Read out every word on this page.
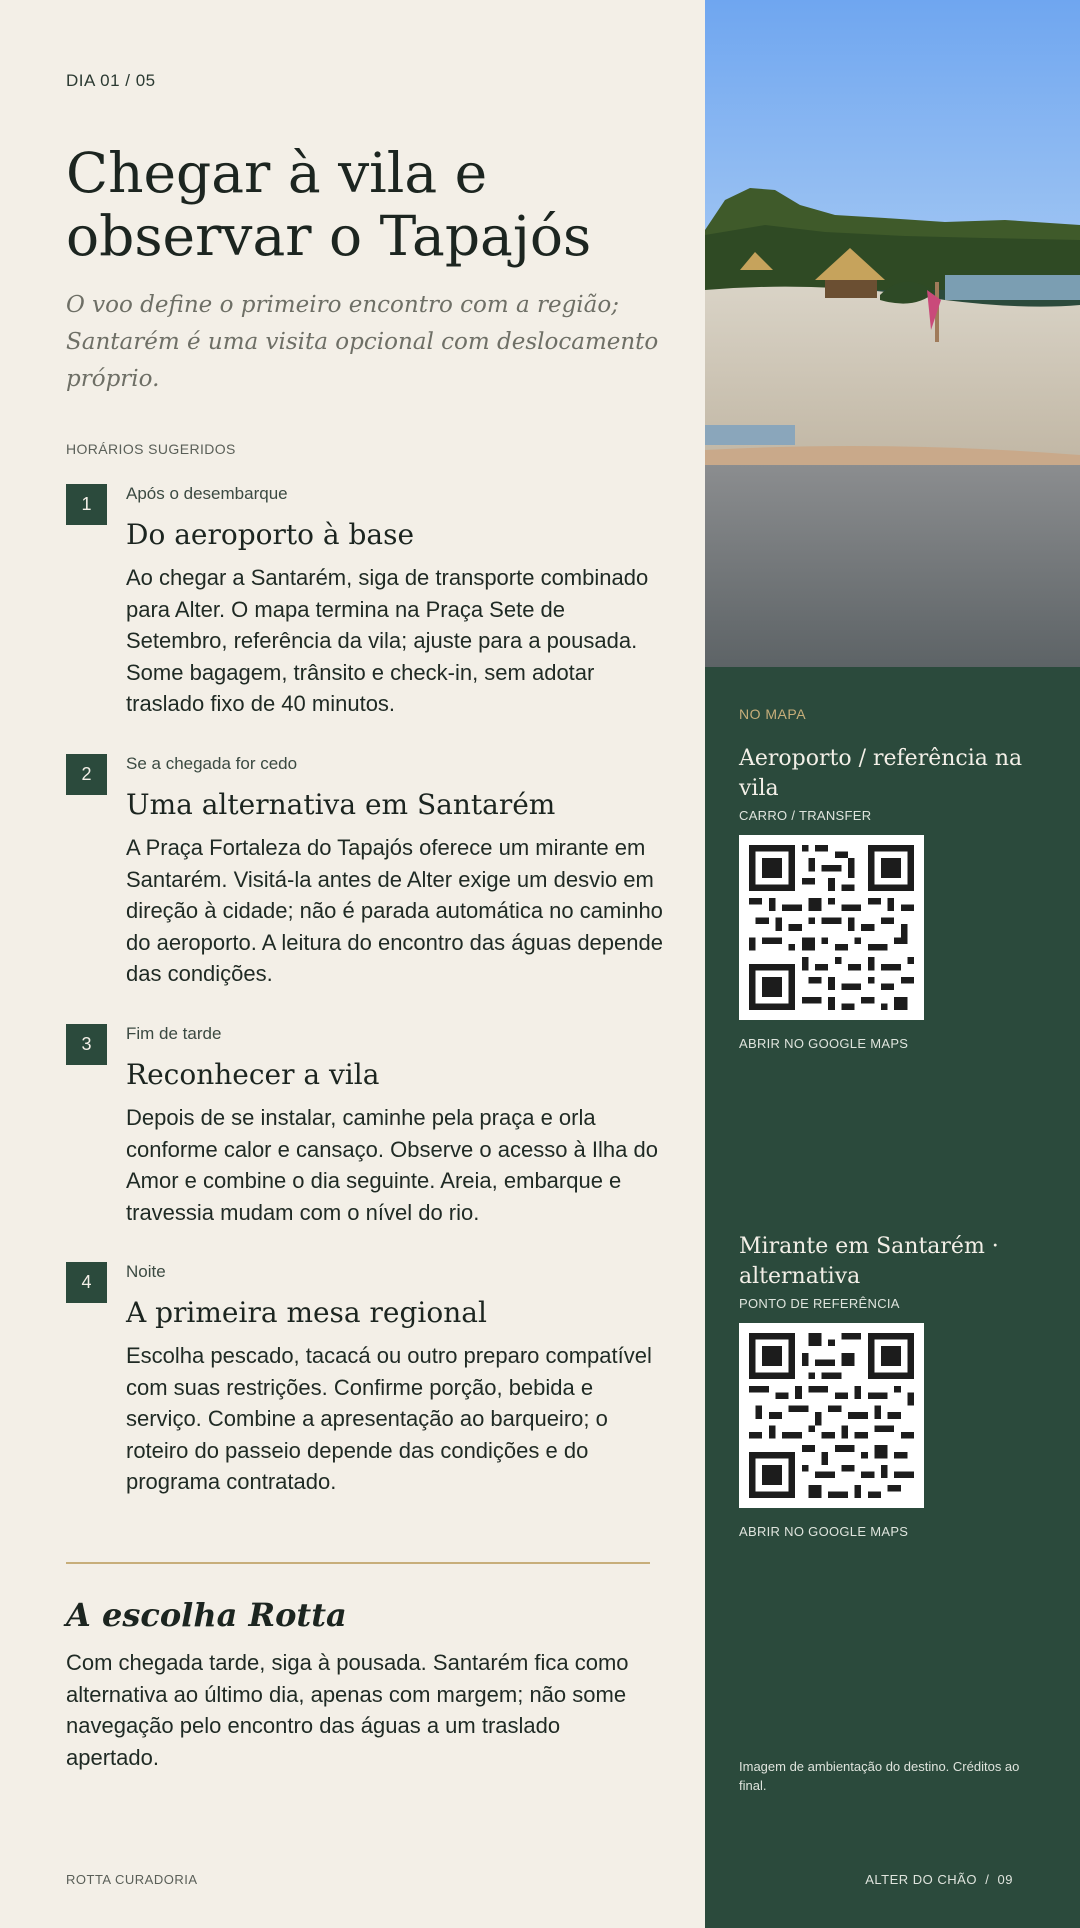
DIA 01 / 05
Chegar à vila e observar o Tapajós

O voo define o primeiro encontro com a região; Santarém é uma visita opcional com deslocamento próprio.

HORÁRIOS SUGERIDOS
1
Após o desembarque
Do aeroporto à base

Ao chegar a Santarém, siga de transporte combinado para Alter. O mapa termina na Praça Sete de Setembro, referência da vila; ajuste para a pousada. Some bagagem, trânsito e check-in, sem adotar traslado fixo de 40 minutos.

2
Se a chegada for cedo
Uma alternativa em Santarém

A Praça Fortaleza do Tapajós oferece um mirante em Santarém. Visitá-la antes de Alter exige um desvio em direção à cidade; não é parada automática no caminho do aeroporto. A leitura do encontro das águas depende das condições.

3
Fim de tarde
Reconhecer a vila

Depois de se instalar, caminhe pela praça e orla conforme calor e cansaço. Observe o acesso à Ilha do Amor e combine o dia seguinte. Areia, embarque e travessia mudam com o nível do rio.

4
Noite
A primeira mesa regional

Escolha pescado, tacacá ou outro preparo compatível com suas restrições. Confirme porção, bebida e serviço. Combine a apresentação ao barqueiro; o roteiro do passeio depende das condições e do programa contratado.

A escolha Rotta

Com chegada tarde, siga à pousada. Santarém fica como alternativa ao último dia, apenas com margem; não some navegação pelo encontro das águas a um traslado apertado.

ROTTA CURADORIA
NO MAPA
Aeroporto / referência na vila
CARRO / TRANSFER
ABRIR NO GOOGLE MAPS
Mirante em Santarém · alternativa
PONTO DE REFERÊNCIA
ABRIR NO GOOGLE MAPS
Imagem de ambientação do destino. Créditos ao final.
ALTER DO CHÃO  /  09
